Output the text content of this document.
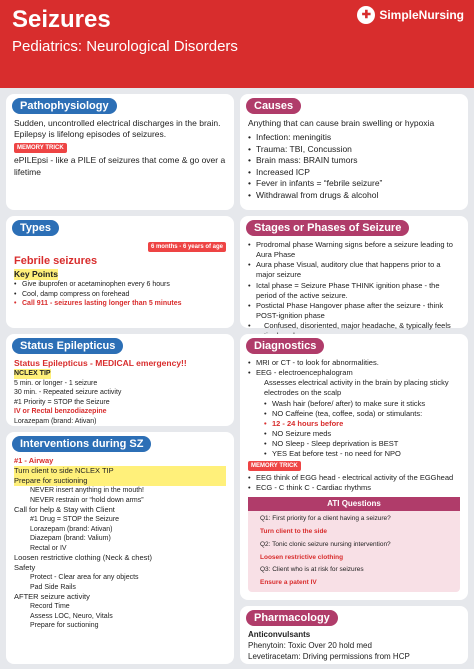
Seizures
Pediatrics: Neurological Disorders
✚ SimpleNursing
Pathophysiology
Sudden, uncontrolled electrical discharges in the brain.
Epilepsy is lifelong episodes of seizures.
MEMORY TRICK
ePILEpsi - like a PILE of seizures that come & go over a lifetime
Causes
Anything that can cause brain swelling or hypoxia
• Infection: meningitis
• Trauma: TBI, Concussion
• Brain mass: BRAIN tumors
• Increased ICP
• Fever in infants = “febrile seizure”
• Withdrawal from drugs & alcohol
Types
6 months - 6 years of age
Febrile seizures
Key Points
• Give ibuprofen or acetaminophen every 6 hours
• Cool, damp compress on forehead
• Call 911 - seizures lasting longer than 5 minutes
Stages or Phases of Seizure
• Prodromal phase Warning signs before a seizure leading to Aura Phase
• Aura phase Visual, auditory clue that happens prior to a major seizure
• Ictal phase = Seizure Phase THINK ignition phase - the period of the active seizure.
• Postictal Phase Hangover phase after the seizure - think POST-ignition phase
• Confused, disoriented, major headache, & typically feels
Status Epilepticus
Status Epilepticus - MEDICAL emergency!!
NCLEX TIP
5 min. or longer - 1 seizure
30 min. - Repeated seizure activity
#1 Priority = STOP the Seizure
IV or Rectal benzodiazepine
Lorazepam (brand: Ativan)
Diagnostics
• MRI or CT - to look for abnormalities.
• EEG - electroencephalogram
Assesses electrical activity in the brain by placing sticky electrodes on the scalp
• Wash hair (before/ after) to make sure it sticks
• NO Caffeine (tea, coffee, soda) or stimulants:
• 12 - 24 hours before
• NO Seizure meds
• NO Sleep - Sleep deprivation is BEST
• YES Eat before test - no need for NPO
MEMORY TRICK
• EEG think of EGG head - electrical activity of the EGGhead
• ECG - C think C - Cardiac rhythms
ATI Questions
Q1: First priority for a client having a seizure?
Turn client to the side
Q2: Tonic clonic seizure nursing intervention?
Loosen restrictive clothing
Q3: Client who is at risk for seizures
Ensure a patent IV
Interventions during SZ
#1 - Airway
Turn client to side NCLEX TIP
Prepare for suctioning
NEVER insert anything in the mouth!
NEVER restrain or “hold down arms”
Call for help & Stay with Client
#1 Drug = STOP the Seizure
Lorazepam (brand: Ativan)
Diazepam (brand: Valium)
Rectal or IV
Loosen restrictive clothing (Neck & chest)
Safety
Protect - Clear area for any objects
Pad Side Rails
AFTER seizure activity
Record Time
Assess LOC, Neuro, Vitals
Prepare for suctioning
Pharmacology
Anticonvulsants
Phenytoin: Toxic Over 20 hold med
Levetiracetam: Driving permissions from HCP
